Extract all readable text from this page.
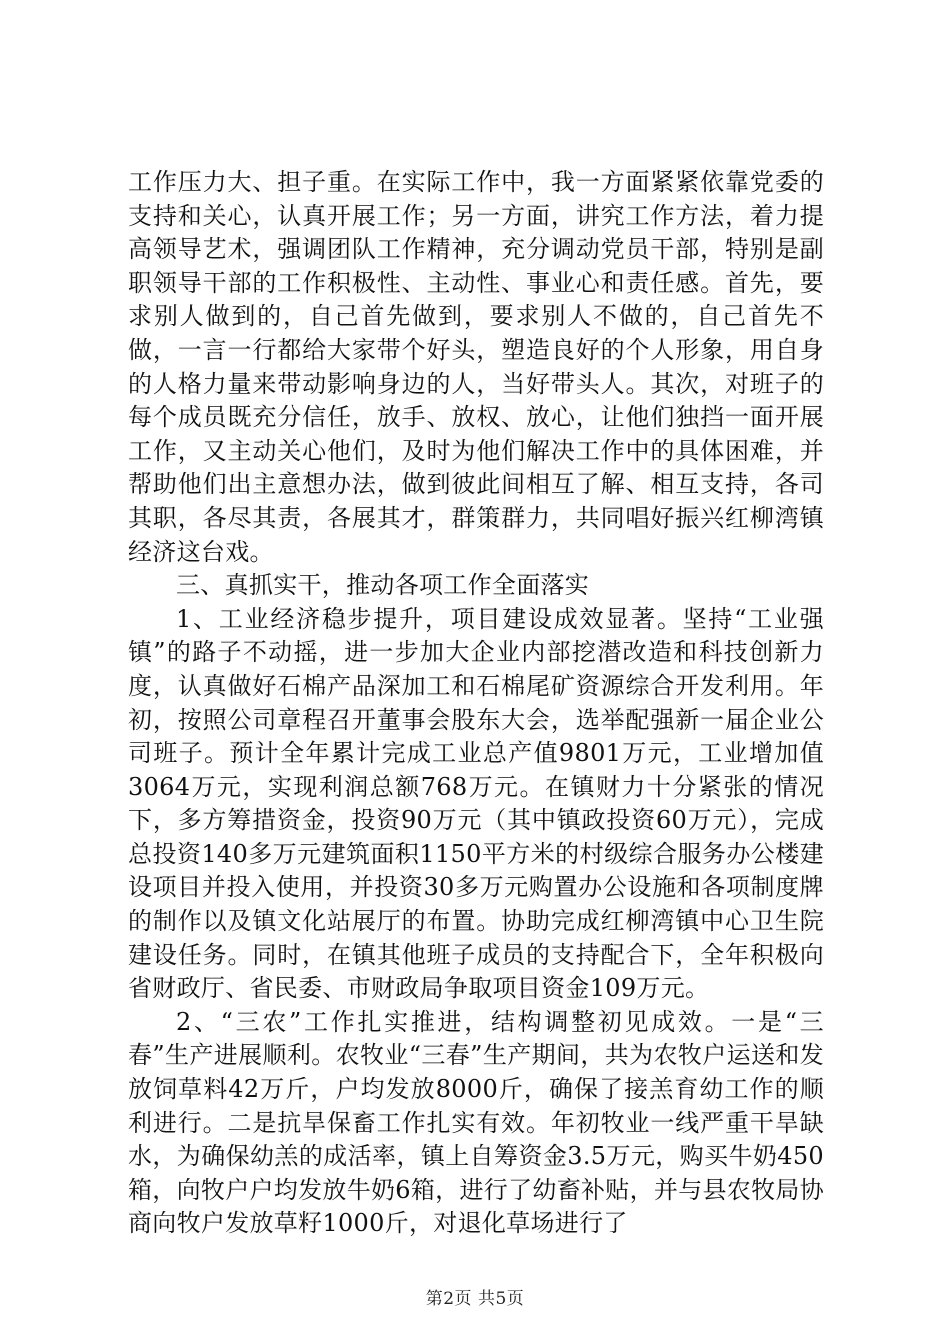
工作压力大、担子重。在实际工作中，我一方面紧紧依靠党委的支持和关心，认真开展工作；另一方面，讲究工作方法，着力提高领导艺术，强调团队工作精神，充分调动党员干部，特别是副职领导干部的工作积极性、主动性、事业心和责任感。首先，要求别人做到的，自己首先做到，要求别人不做的，自己首先不做，一言一行都给大家带个好头，塑造良好的个人形象，用自身的人格力量来带动影响身边的人，当好带头人。其次，对班子的每个成员既充分信任，放手、放权、放心，让他们独挡一面开展工作，又主动关心他们，及时为他们解决工作中的具体困难，并帮助他们出主意想办法，做到彼此间相互了解、相互支持，各司其职，各尽其责，各展其才，群策群力，共同唱好振兴红柳湾镇经济这台戏。

三、真抓实干，推动各项工作全面落实

1、工业经济稳步提升，项目建设成效显著。坚持“工业强镇”的路子不动摇，进一步加大企业内部挖潜改造和科技创新力度，认真做好石棉产品深加工和石棉尾矿资源综合开发利用。年初，按照公司章程召开董事会股东大会，选举配强新一届企业公司班子。预计全年累计完成工业总产值9801万元，工业增加值3064万元，实现利润总额768万元。在镇财力十分紧张的情况下，多方筹措资金，投资90万元（其中镇政投资60万元），完成总投资140多万元建筑面积1150平方米的村级综合服务办公楼建设项目并投入使用，并投资30多万元购置办公设施和各项制度牌的制作以及镇文化站展厅的布置。协助完成红柳湾镇中心卫生院建设任务。同时，在镇其他班子成员的支持配合下，全年积极向省财政厅、省民委、市财政局争取项目资金109万元。

2、“三农”工作扎实推进，结构调整初见成效。一是“三春”生产进展顺利。农牧业“三春”生产期间，共为农牧户运送和发放饲草料42万斤，户均发放8000斤，确保了接羔育幼工作的顺利进行。二是抗旱保畜工作扎实有效。年初牧业一线严重干旱缺水，为确保幼羔的成活率，镇上自筹资金3.5万元，购买牛奶450箱，向牧户户均发放牛奶6箱，进行了幼畜补贴，并与县农牧局协商向牧户发放草籽1000斤，对退化草场进行了

第2页 共5页
